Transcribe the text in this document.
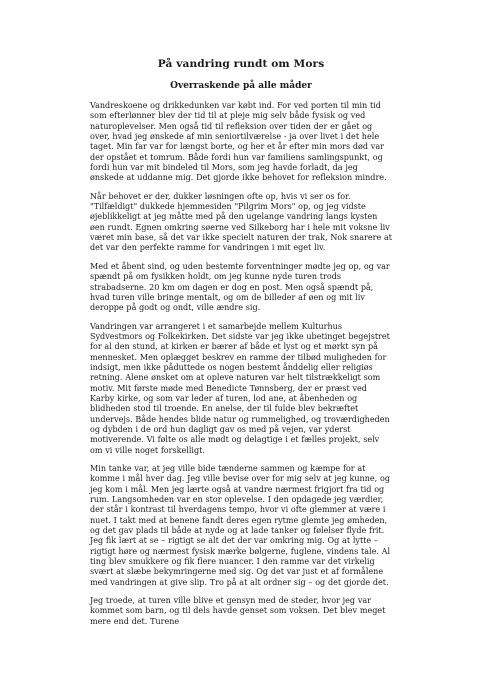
På vandring rundt om Mors
Overraskende på alle måder

Vandreskoene og drikkedunken var købt ind. For ved porten til min tid som efterlønner blev der tid til at pleje mig selv både fysisk og ved naturoplevelser. Men også tid til refleksion over tiden der er gået og over, hvad jeg ønskede af min seniortilværelse - ja over livet i det hele taget. Min far var for længst borte, og her et år efter min mors død var der opstået et tomrum. Både fordi hun var familiens samlingspunkt, og fordi hun var mit bindeled til Mors, som jeg havde forladt, da jeg ønskede at uddanne mig. Det gjorde ikke behovet for refleksion mindre.

Når behovet er der, dukker løsningen ofte op, hvis vi ser os for. "Tilfældigt" dukkede hjemmesiden "Pilgrim Mors" op, og jeg vidste øjeblikkeligt at jeg måtte med på den ugelange vandring langs kysten øen rundt. Egnen omkring søerne ved Silkeborg har i hele mit voksne liv været min base, så det var ikke specielt naturen der trak, Nok snarere at det var den perfekte ramme for vandringen i mit eget liv.

Med et åbent sind, og uden bestemte forventninger mødte jeg op, og var spændt på om fysikken holdt, om jeg kunne nyde turen trods strabadserne. 20 km om dagen er dog en post. Men også spændt på, hvad turen ville bringe mentalt, og om de billeder af øen og mit liv deroppe på godt og ondt, ville ændre sig.

Vandringen var arrangeret i et samarbejde mellem Kulturhus Sydvestmors og Folkekirken. Det sidste var jeg ikke ubetinget begejstret for al den stund, at kirken er bærer af både et lyst og et mørkt syn på mennesket. Men oplægget beskrev en ramme der tilbød muligheden for indsigt, men ikke påduttede os nogen bestemt ånddelig eller religiøs retning. Alene ønsket om at opleve naturen var helt tilstrækkeligt som motiv. Mit første møde med Benedicte Tønnsberg, der er præst ved Karby kirke, og som var leder af turen, lod ane, at åbenheden og blidheden stod til troende. En anelse, der til fulde blev bekræftet undervejs. Både hendes blide natur og rummelighed, og troværdigheden og dybden i de ord hun dagligt gav os med på vejen, var yderst motiverende. Vi følte os alle mødt og delagtige i et fælles projekt, selv om vi ville noget forskelligt.

Min tanke var, at jeg ville bide tænderne sammen og kæmpe for at komme i mål hver dag. Jeg ville bevise over for mig selv at jeg kunne, og jeg kom i mål. Men jeg lærte også at vandre nærmest frigjort fra tid og rum. Langsomheden var en stor oplevelse. I den opdagede jeg værdier, der står i kontrast til hverdagens tempo, hvor vi ofte glemmer at være i nuet. I takt med at benene fandt deres egen rytme glemte jeg ømheden, og det gav plads til både at nyde og at lade tanker og følelser flyde frit. Jeg fik lært at se – rigtigt se alt det der var omkring mig. Og at lytte – rigtigt høre og nærmest fysisk mærke bølgerne, fuglene, vindens tale. Al ting blev smukkere og fik flere nuancer. I den ramme var det virkelig svært at slæbe bekymringerne med sig. Og det var just et af formålene med vandringen at give slip. Tro på at alt ordner sig – og det gjorde det.

Jeg troede, at turen ville blive et gensyn med de steder, hvor jeg var kommet som barn, og til dels havde genset som voksen. Det blev meget mere end det. Turene
